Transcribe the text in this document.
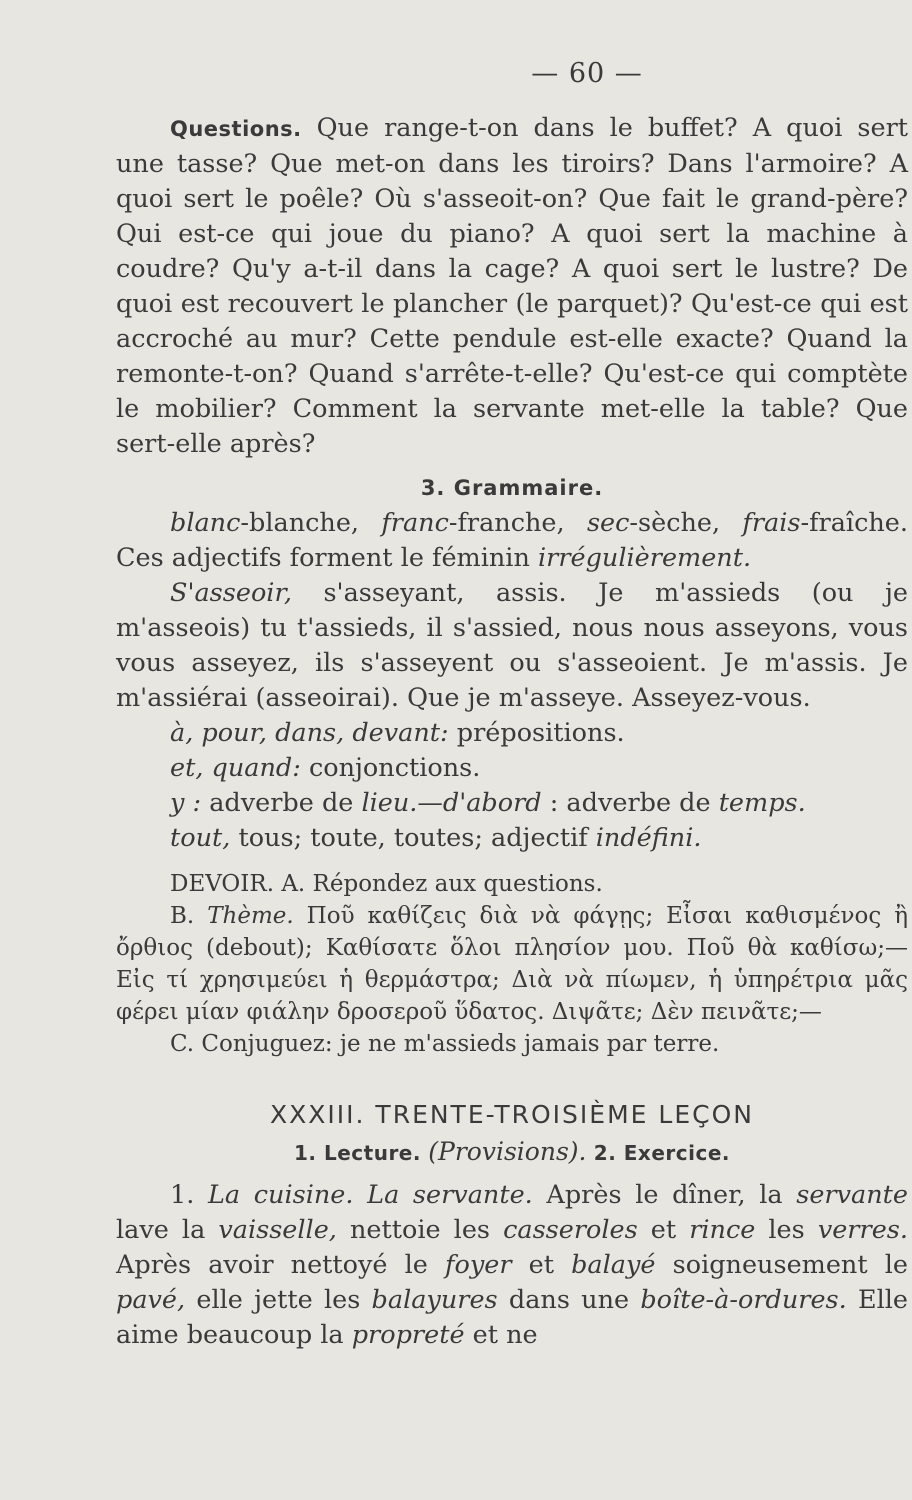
— 60 —

Questions. Que range-t-on dans le buffet? A quoi sert une tasse? Que met-on dans les tiroirs? Dans l'armoire? A quoi sert le poêle? Où s'asseoit-on? Que fait le grand-père? Qui est-ce qui joue du piano? A quoi sert la machine à coudre? Qu'y a-t-il dans la cage? A quoi sert le lustre? De quoi est recouvert le plancher (le parquet)? Qu'est-ce qui est accroché au mur? Cette pendule est-elle exacte? Quand la remonte-t-on? Quand s'arrête-t-elle? Qu'est-ce qui comptète le mobilier? Comment la servante met-elle la table? Que sert-elle après?

3. Grammaire.

blanc-blanche, franc-franche, sec-sèche, frais-fraîche. Ces adjectifs forment le féminin irrégulièrement.

S'asseoir, s'asseyant, assis. Je m'assieds (ou je m'asseois) tu t'assieds, il s'assied, nous nous asseyons, vous vous asseyez, ils s'asseyent ou s'asseoient. Je m'assis. Je m'assiérai (asseoirai). Que je m'asseye. Asseyez-vous.

à, pour, dans, devant: prépositions.

et, quand: conjonctions.

y : adverbe de lieu.—d'abord : adverbe de temps.

tout, tous; toute, toutes; adjectif indéfini.

DEVOIR. A. Répondez aux questions.

B. Thème. Ποῦ καθίζεις διὰ νὰ φάγῃς; Εἶσαι καθισμένος ἢ ὄρθιος (debout); Καθίσατε ὅλοι πλησίον μου. Ποῦ θὰ καθίσω;— Εἰς τί χρησιμεύει ἡ θερμάστρα; Διὰ νὰ πίωμεν, ἡ ὑπηρέτρια μᾶς φέρει μίαν φιάλην δροσεροῦ ὕδατος. Διψᾶτε; Δὲν πεινᾶτε;—

C. Conjuguez: je ne m'assieds jamais par terre.

XXXIII. TRENTE-TROISIÈME LEÇON
1. Lecture. (Provisions). 2. Exercice.

1. La cuisine. La servante. Après le dîner, la servante lave la vaisselle, nettoie les casseroles et rince les verres. Après avoir nettoyé le foyer et balayé soigneusement le pavé, elle jette les balayures dans une boîte-à-ordures. Elle aime beaucoup la propreté et ne
